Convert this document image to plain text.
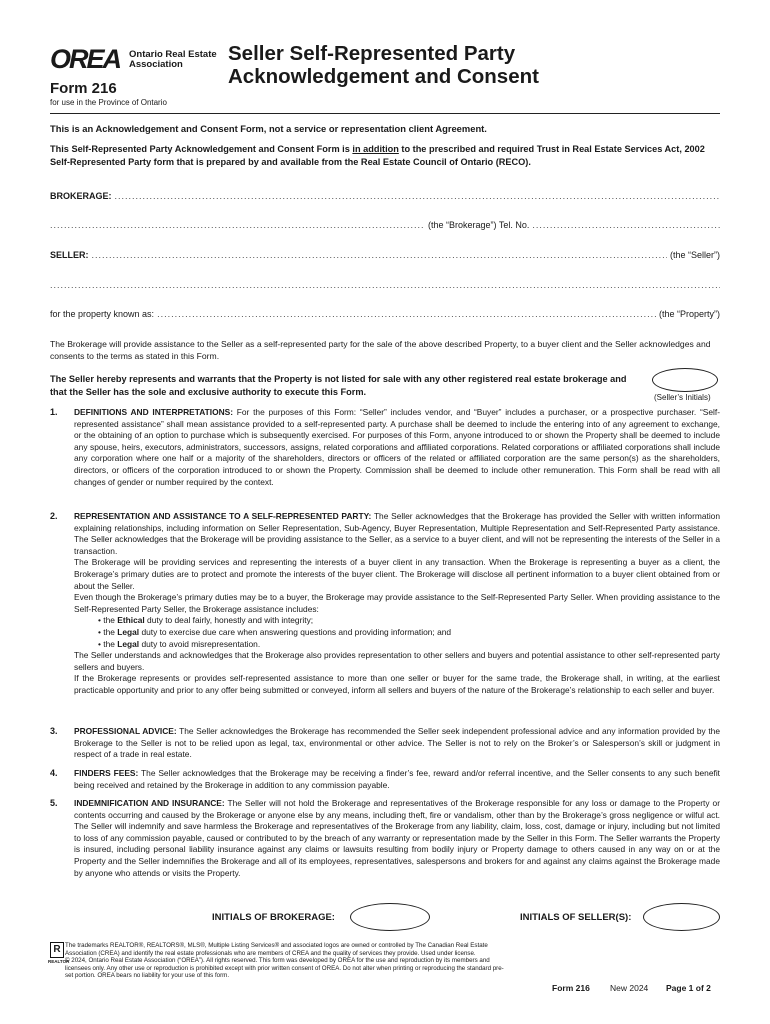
OREA Ontario Real Estate Association	Seller Self-Represented Party
Acknowledgement and Consent
Form 216
for use in the Province of Ontario

This is an Acknowledgement and Consent Form, not a service or representation client Agreement.

This Self-Represented Party Acknowledgement and Consent Form is in addition to the prescribed and required Trust in Real Estate Services Act, 2002 Self-Represented Party form that is prepared by and available from the Real Estate Council of Ontario (RECO).

BROKERAGE:
.....
.....
(the “Brokerage”) Tel. No.
.....
SELLER: .....	(the “Seller”)
.....
for the property known as: .....	(the “Property”)

The Brokerage will provide assistance to the Seller as a self-represented party for the sale of the above described Property, to a buyer client and the Seller acknowledges and consents to the terms as stated in this Form.

The Seller hereby represents and warrants that the Property is not listed for sale with any other registered real estate brokerage and that the Seller has the sole and exclusive authority to execute this Form.

(Seller’s Initials)
1. DEFINITIONS AND INTERPRETATIONS: For the purposes of this Form: “Seller” includes vendor, and “Buyer” includes a purchaser, or a prospective purchaser. “Self-represented assistance” shall mean assistance provided to a self-represented party. A purchase shall be deemed to include the entering into of any agreement to exchange, or the obtaining of an option to purchase which is subsequently exercised. For purposes of this Form, anyone introduced to or shown the Property shall be deemed to include any spouse, heirs, executors, administrators, successors, assigns, related corporations and affiliated corporations. Related corporations or affiliated corporations shall include any corporation where one half or a majority of the shareholders, directors or officers of the related or affiliated corporation are the same person(s) as the shareholders, directors, or officers of the corporation introduced to or shown the Property. Commission shall be deemed to include other remuneration. This Form shall be read with all changes of gender or number required by the context.
2. REPRESENTATION AND ASSISTANCE TO A SELF-REPRESENTED PARTY: The Seller acknowledges that the Brokerage has provided the Seller with written information explaining relationships, including information on Seller Representation, Sub-Agency, Buyer Representation, Multiple Representation and Self-Represented Party assistance. The Seller acknowledges that the Brokerage will be providing assistance to the Seller, as a service to a buyer client, and will not be representing the interests of the Seller in a transaction.

The Brokerage will be providing services and representing the interests of a buyer client in any transaction. When the Brokerage is representing a buyer as a client, the Brokerage’s primary duties are to protect and promote the interests of the buyer client. The Brokerage will disclose all pertinent information to a buyer client obtained from or about the Seller.

Even though the Brokerage’s primary duties may be to a buyer, the Brokerage may provide assistance to the Self-Represented Party Seller. When providing assistance to the Self-Represented Party Seller, the Brokerage assistance includes:

• the Ethical duty to deal fairly, honestly and with integrity;
• the Legal duty to exercise due care when answering questions and providing information; and
• the Legal duty to avoid misrepresentation.

The Seller understands and acknowledges that the Brokerage also provides representation to other sellers and buyers and potential assistance to other self-represented party sellers and buyers.

If the Brokerage represents or provides self-represented assistance to more than one seller or buyer for the same trade, the Brokerage shall, in writing, at the earliest practicable opportunity and prior to any offer being submitted or conveyed, inform all sellers and buyers of the nature of the Brokerage’s relationship to each seller and buyer.

3. PROFESSIONAL ADVICE: The Seller acknowledges the Brokerage has recommended the Seller seek independent professional advice and any information provided by the Brokerage to the Seller is not to be relied upon as legal, tax, environmental or other advice. The Seller is not to rely on the Broker’s or Salesperson’s skill or judgment in respect of a trade in real estate.
4. FINDERS FEES: The Seller acknowledges that the Brokerage may be receiving a finder’s fee, reward and/or referral incentive, and the Seller consents to any such benefit being received and retained by the Brokerage in addition to any commission payable.
5. INDEMNIFICATION AND INSURANCE: The Seller will not hold the Brokerage and representatives of the Brokerage responsible for any loss or damage to the Property or contents occurring and caused by the Brokerage or anyone else by any means, including theft, fire or vandalism, other than by the Brokerage’s gross negligence or wilful act. The Seller will indemnify and save harmless the Brokerage and representatives of the Brokerage from any liability, claim, loss, cost, damage or injury, including but not limited to loss of any commission payable, caused or contributed to by the breach of any warranty or representation made by the Seller in this Form. The Seller warrants the Property is insured, including personal liability insurance against any claims or lawsuits resulting from bodily injury or Property damage to others caused in any way on or at the Property and the Seller indemnifies the Brokerage and all of its employees, representatives, salespersons and brokers for and against any claims against the Brokerage made by anyone who attends or visits the Property.
INITIALS OF BROKERAGE:	INITIALS OF SELLER(S):
R
REALTOR

The trademarks REALTOR®, REALTORS®, MLS®, Multiple Listing Services® and associated logos are owned or controlled by The Canadian Real Estate Association (CREA) and identify the real estate professionals who are members of CREA and the quality of services they provide. Used under license.

© 2024, Ontario Real Estate Association (“OREA”). All rights reserved. This form was developed by OREA for the use and reproduction by its members and licensees only. Any other use or reproduction is prohibited except with prior written consent of OREA. Do not alter when printing or reproducing the standard pre-set portion. OREA bears no liability for your use of this form.

Form 216 New 2024 Page 1 of 2
